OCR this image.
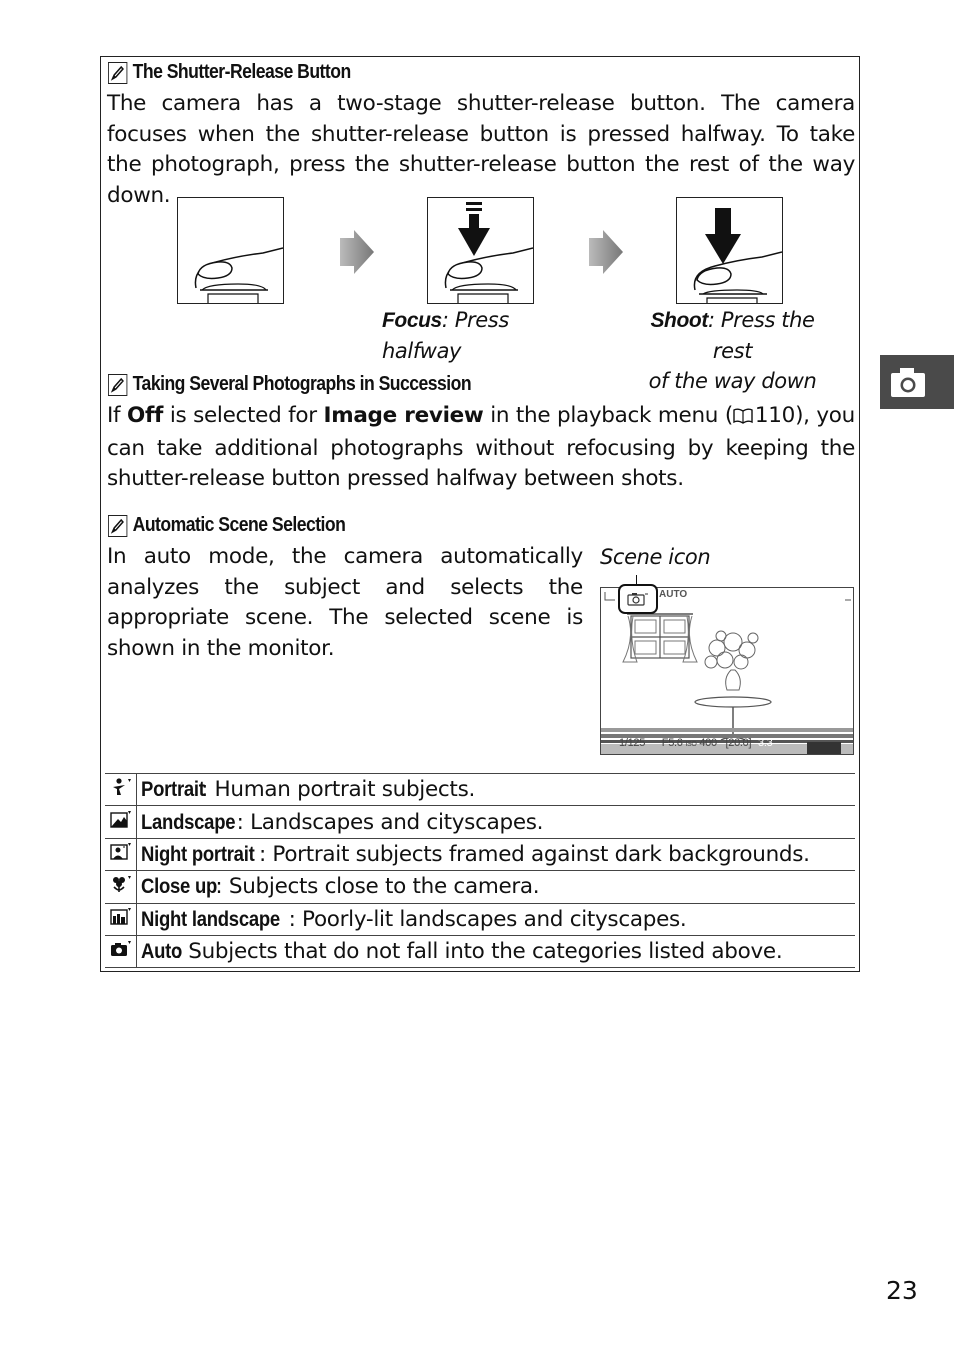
The Shutter-Release Button
The camera has a two-stage shutter-release button. The camera focuses when the shutter-release button is pressed halfway. To take the photograph, press the shutter-release button the rest of the way down.
Focus: Press halfway
Shoot: Press the rest
of the way down
Taking Several Photographs in Succession
If Off is selected for Image review in the playback menu ( 110), you can take additional photographs without refocusing by keeping the shutter-release button pressed halfway between shots.
Automatic Scene Selection
In auto mode, the camera automatically analyzes the subject and selects the appropriate scene. The selected scene is shown in the monitor.
Scene icon
AUTO
1/125 F5.6 ISO 400 [20.0] 3.3
	Portrait: Human portrait subjects.
	Landscape: Landscapes and cityscapes.
	Night portrait : Portrait subjects framed against dark backgrounds.
	Close up: Subjects close to the camera.
	Night landscape : Poorly-lit landscapes and cityscapes.
	Auto: Subjects that do not fall into the categories listed above.
23
